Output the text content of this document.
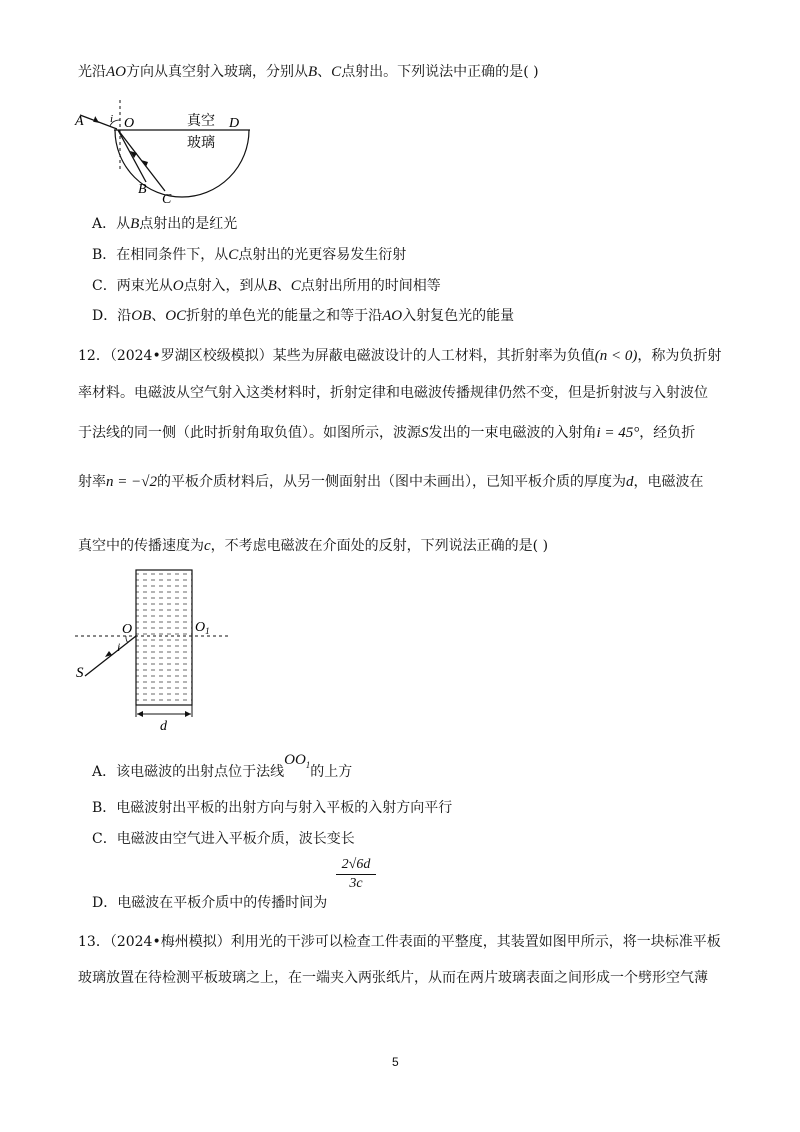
光沿AO方向从真空射入玻璃，分别从B、C点射出。下列说法中正确的是( )
A i O	D
B
C
真空
玻璃
A．从B点射出的是红光
B．在相同条件下，从C点射出的光更容易发生衍射
C．两束光从O点射入，到从B、C点射出所用的时间相等
D．沿OB、OC折射的单色光的能量之和等于沿AO入射复色光的能量
12．（2024•罗湖区校级模拟）某些为屏蔽电磁波设计的人工材料，其折射率为负值(n < 0)，称为负折射
率材料。电磁波从空气射入这类材料时，折射定律和电磁波传播规律仍然不变，但是折射波与入射波位
于法线的同一侧（此时折射角取负值）。如图所示，波源S发出的一束电磁波的入射角i = 45°，经负折
射率n = −√2的平板介质材料后，从另一侧面射出（图中未画出），已知平板介质的厚度为d，电磁波在
真空中的传播速度为c，不考虑电磁波在介面处的反射，下列说法正确的是( )
O	$O_1$
i
S
d
A．该电磁波的出射点位于法线$OO_1$的上方
B．电磁波射出平板的出射方向与射入平板的入射方向平行
C．电磁波由空气进入平板介质，波长变长
D．电磁波在平板介质中的传播时间为
$\frac{2√6d}{3c}$
13．（2024•梅州模拟）利用光的干涉可以检查工件表面的平整度，其装置如图甲所示，将一块标准平板
玻璃放置在待检测平板玻璃之上，在一端夹入两张纸片，从而在两片玻璃表面之间形成一个劈形空气薄
5
